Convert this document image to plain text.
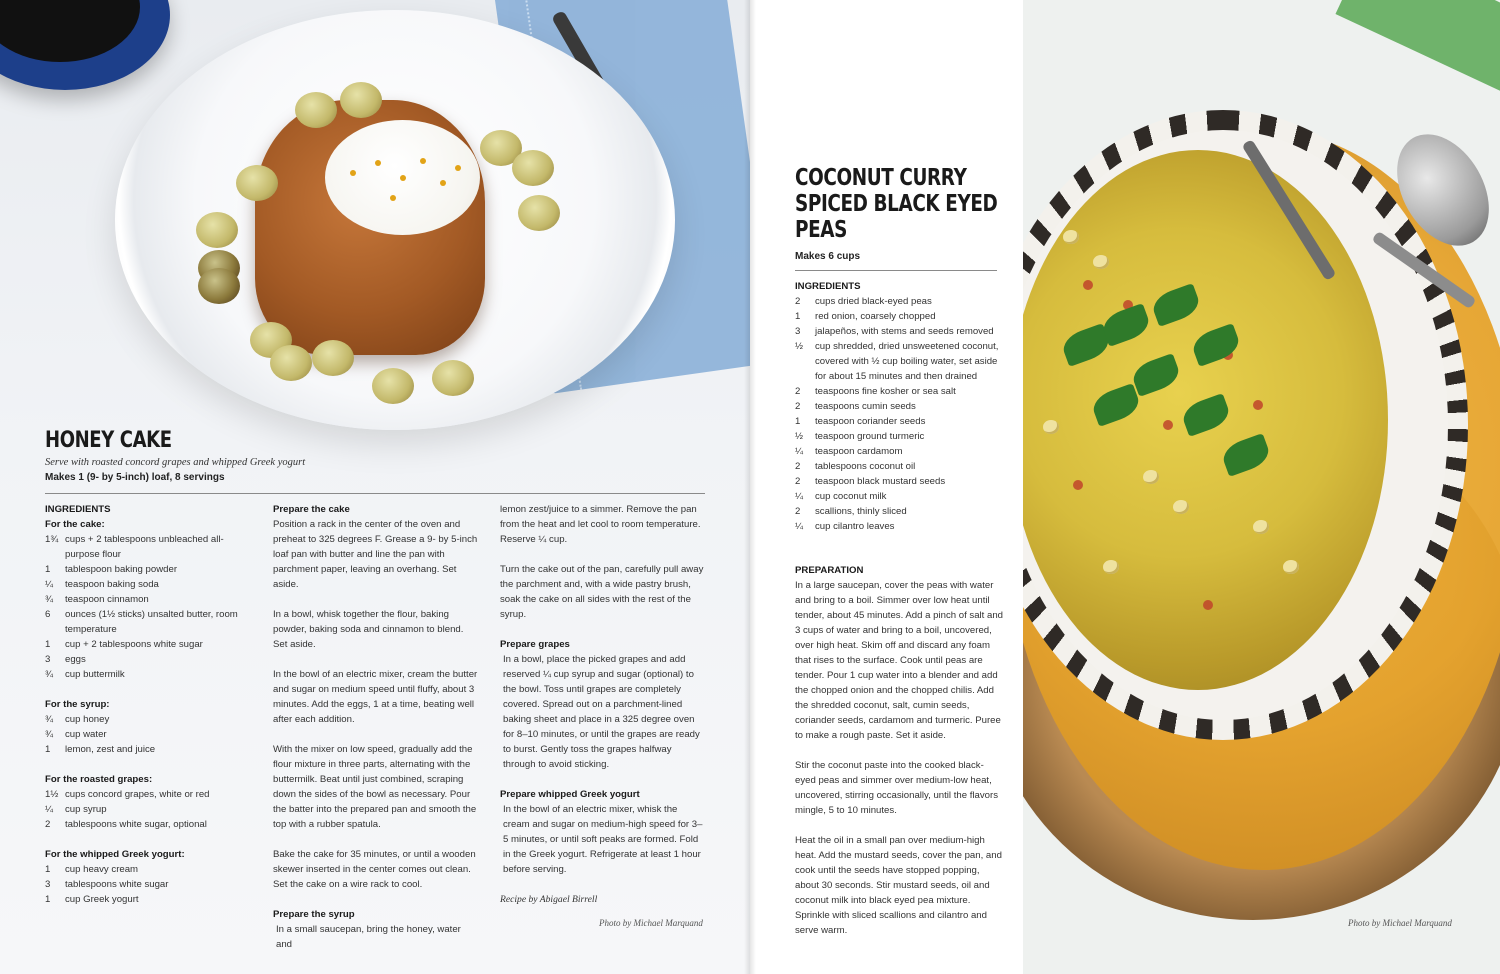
HONEY CAKE
Serve with roasted concord grapes and whipped Greek yogurt
Makes 1 (9- by 5-inch) loaf, 8 servings
INGREDIENTS
For the cake:
1¾ cups + 2 tablespoons unbleached all-purpose flour
1	tablespoon baking powder
¼	teaspoon baking soda
¾	teaspoon cinnamon
6	ounces (1½ sticks) unsalted butter, room temperature
1	cup + 2 tablespoons white sugar
3	eggs
¾	cup buttermilk
For the syrup:
¾	cup honey
¾	cup water
1	lemon, zest and juice
For the roasted grapes:
1½ cups concord grapes, white or red
¼	cup syrup
2	tablespoons white sugar, optional
For the whipped Greek yogurt:
1	cup heavy cream
3	tablespoons white sugar
1	cup Greek yogurt
Prepare the cake
Position a rack in the center of the oven and preheat to 325 degrees F. Grease a 9- by 5-inch loaf pan with butter and line the pan with parchment paper, leaving an overhang. Set aside.
In a bowl, whisk together the flour, baking powder, baking soda and cinnamon to blend. Set aside.
In the bowl of an electric mixer, cream the butter and sugar on medium speed until fluffy, about 3 minutes. Add the eggs, 1 at a time, beating well after each addition.
With the mixer on low speed, gradually add the flour mixture in three parts, alternating with the buttermilk. Beat until just combined, scraping down the sides of the bowl as necessary. Pour the batter into the prepared pan and smooth the top with a rubber spatula.
Bake the cake for 35 minutes, or until a wooden skewer inserted in the center comes out clean. Set the cake on a wire rack to cool.
Prepare the syrup
In a small saucepan, bring the honey, water and
lemon zest/juice to a simmer. Remove the pan from the heat and let cool to room temperature. Reserve ¼ cup.
Turn the cake out of the pan, carefully pull away the parchment and, with a wide pastry brush, soak the cake on all sides with the rest of the syrup.
Prepare grapes
In a bowl, place the picked grapes and add reserved ¼ cup syrup and sugar (optional) to the bowl. Toss until grapes are completely covered. Spread out on a parchment-lined baking sheet and place in a 325 degree oven for 8–10 minutes, or until the grapes are ready to burst. Gently toss the grapes halfway through to avoid sticking.
Prepare whipped Greek yogurt
In the bowl of an electric mixer, whisk the cream and sugar on medium-high speed for 3–5 minutes, or until soft peaks are formed. Fold in the Greek yogurt. Refrigerate at least 1 hour before serving.
Recipe by Abigael Birrell
Photo by Michael Marquand
COCONUT CURRY SPICED BLACK EYED PEAS
Makes 6 cups
INGREDIENTS
2	cups dried black-eyed peas
1	red onion, coarsely chopped
3	jalapeños, with stems and seeds removed
½	cup shredded, dried unsweetened coconut, covered with ½ cup boiling water, set aside for about 15 minutes and then drained
2	teaspoons fine kosher or sea salt
2	teaspoons cumin seeds
1	teaspoon coriander seeds
½	teaspoon ground turmeric
¼	teaspoon cardamom
2	tablespoons coconut oil
2	teaspoon black mustard seeds
¼	cup coconut milk
2	scallions, thinly sliced
¼	cup cilantro leaves
PREPARATION
In a large saucepan, cover the peas with water and bring to a boil. Simmer over low heat until tender, about 45 minutes. Add a pinch of salt and 3 cups of water and bring to a boil, uncovered, over high heat. Skim off and discard any foam that rises to the surface. Cook until peas are tender. Pour 1 cup water into a blender and add the chopped onion and the chopped chilis. Add the shredded coconut, salt, cumin seeds, coriander seeds, cardamom and turmeric. Puree to make a rough paste. Set it aside.
Stir the coconut paste into the cooked black-eyed peas and simmer over medium-low heat, uncovered, stirring occasionally, until the flavors mingle, 5 to 10 minutes.
Heat the oil in a small pan over medium-high heat. Add the mustard seeds, cover the pan, and cook until the seeds have stopped popping, about 30 seconds. Stir mustard seeds, oil and coconut milk into black eyed pea mixture. Sprinkle with sliced scallions and cilantro and serve warm.
Photo by Michael Marquand
